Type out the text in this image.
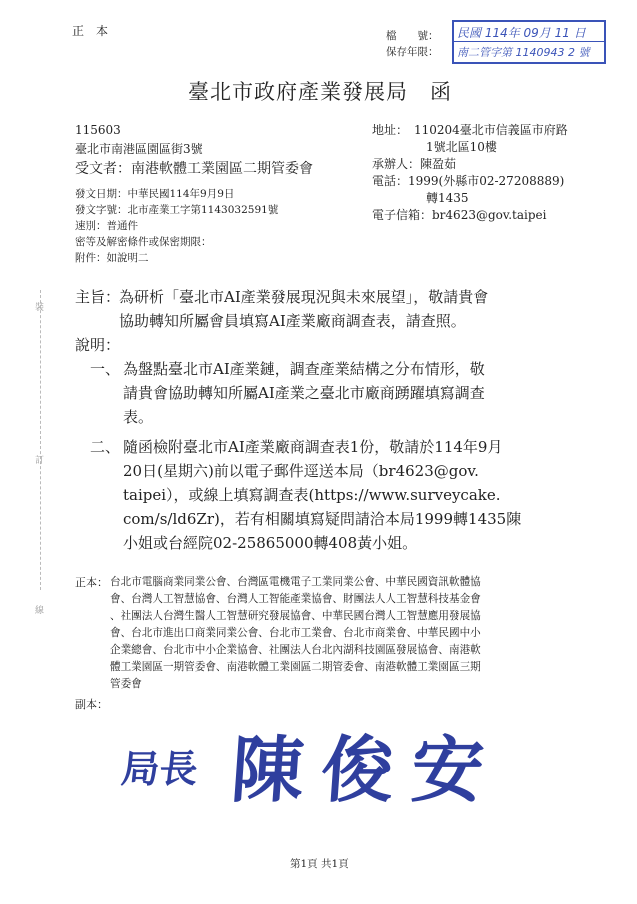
正　本	檔　　號：
保存年限：
民國 114年 09月 11 日
南二管字第 1140943 2 號
臺北市政府產業發展局　函
115603
臺北市南港區園區街3號
受文者：南港軟體工業園區二期管委會
地址： 110204臺北市信義區市府路
1號北區10樓
承辦人：陳盈茹
電話：1999(外縣市02-27208889)
轉1435
電子信箱：br4623@gov.taipei
發文日期：中華民國114年9月9日
發文字號：北市產業工字第1143032591號
速別：普通件
密等及解密條件或保密期限：
附件：如說明二
裝
訂
線
主旨：
為研析「臺北市AI產業發展現況與未來展望」，敬請貴會
協助轉知所屬會員填寫AI產業廠商調查表，請查照。
說明：
一、 為盤點臺北市AI產業鏈，調查產業結構之分布情形，敬
請貴會協助轉知所屬AI產業之臺北市廠商踴躍填寫調查
表。
二、 隨函檢附臺北市AI產業廠商調查表1份，敬請於114年9月
20日(星期六)前以電子郵件逕送本局（br4623@gov.
taipei），或線上填寫調查表(https://www.surveycake.
com/s/ld6Zr)，若有相關填寫疑問請洽本局1999轉1435陳
小姐或台經院02-25865000轉408黃小姐。
正本： 台北市電腦商業同業公會、台灣區電機電子工業同業公會、中華民國資訊軟體協
會、台灣人工智慧協會、台灣人工智能產業協會、財團法人人工智慧科技基金會
、社團法人台灣生醫人工智慧研究發展協會、中華民國台灣人工智慧應用發展協
會、台北市進出口商業同業公會、台北市工業會、台北市商業會、中華民國中小
企業總會、台北市中小企業協會、社團法人台北內湖科技園區發展協會、南港軟
體工業園區一期管委會、南港軟體工業園區二期管委會、南港軟體工業園區三期
管委會
副本：
局長 陳俊安
第1頁 共1頁
